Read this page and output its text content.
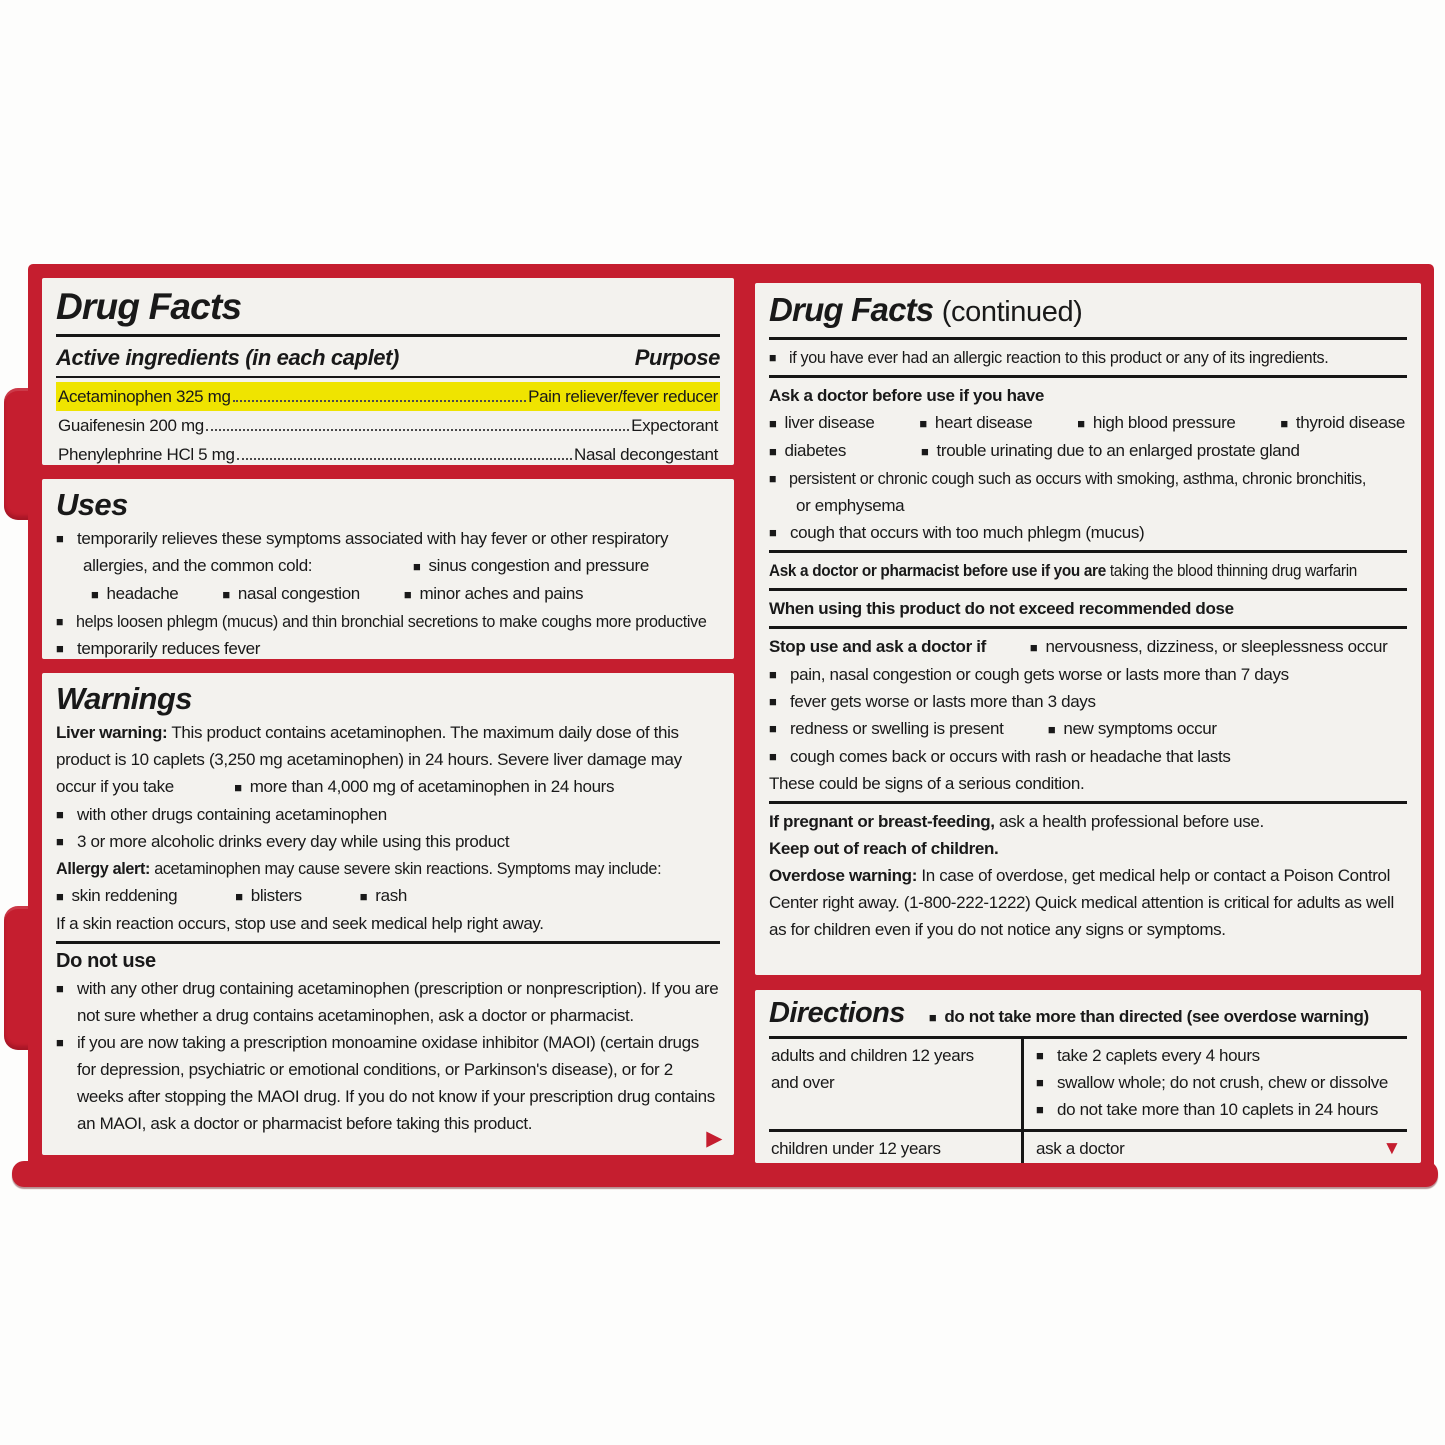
Drug Facts
Active ingredients (in each caplet)	Purpose
Acetaminophen 325 mg	Pain reliever/fever reducer
Guaifenesin 200 mg	Expectorant
Phenylephrine HCl 5 mg	Nasal decongestant
Uses
■ temporarily relieves these symptoms associated with hay fever or other respiratory
allergies, and the common cold:	■ sinus congestion and pressure
■ headache	■ nasal congestion	■ minor aches and pains
■ helps loosen phlegm (mucus) and thin bronchial secretions to make coughs more productive
■ temporarily reduces fever
Warnings

Liver warning: This product contains acetaminophen. The maximum daily dose of this product is 10 caplets (3,250 mg acetaminophen) in 24 hours. Severe liver damage may

occur if you take	■ more than 4,000 mg of acetaminophen in 24 hours
■ with other drugs containing acetaminophen
■ 3 or more alcoholic drinks every day while using this product
Allergy alert: acetaminophen may cause severe skin reactions. Symptoms may include:
■ skin reddening	■ blisters	■ rash
If a skin reaction occurs, stop use and seek medical help right away.
Do not use
■ with any other drug containing acetaminophen (prescription or nonprescription). If you are not sure whether a drug contains acetaminophen, ask a doctor or pharmacist.
■ if you are now taking a prescription monoamine oxidase inhibitor (MAOI) (certain drugs for depression, psychiatric or emotional conditions, or Parkinson's disease), or for 2 weeks after stopping the MAOI drug. If you do not know if your prescription drug contains an MAOI, ask a doctor or pharmacist before taking this product.
▶
Drug Facts (continued)
■ if you have ever had an allergic reaction to this product or any of its ingredients.
Ask a doctor before use if you have
■ liver disease	■ heart disease	■ high blood pressure	■ thyroid disease
■ diabetes	■ trouble urinating due to an enlarged prostate gland
■ persistent or chronic cough such as occurs with smoking, asthma, chronic bronchitis,
or emphysema
■ cough that occurs with too much phlegm (mucus)
Ask a doctor or pharmacist before use if you are taking the blood thinning drug warfarin
When using this product do not exceed recommended dose
Stop use and ask a doctor if	■ nervousness, dizziness, or sleeplessness occur
■ pain, nasal congestion or cough gets worse or lasts more than 7 days
■ fever gets worse or lasts more than 3 days
■ redness or swelling is present	■ new symptoms occur
■ cough comes back or occurs with rash or headache that lasts
These could be signs of a serious condition.
If pregnant or breast-feeding, ask a health professional before use.
Keep out of reach of children.

Overdose warning: In case of overdose, get medical help or contact a Poison Control Center right away. (1-800-222-1222) Quick medical attention is critical for adults as well as for children even if you do not notice any signs or symptoms.

Directions	■ do not take more than directed (see overdose warning)
adults and children 12 years
and over
■ take 2 caplets every 4 hours
■ swallow whole; do not crush, chew or dissolve
■ do not take more than 10 caplets in 24 hours
children under 12 years	ask a doctor	▼
